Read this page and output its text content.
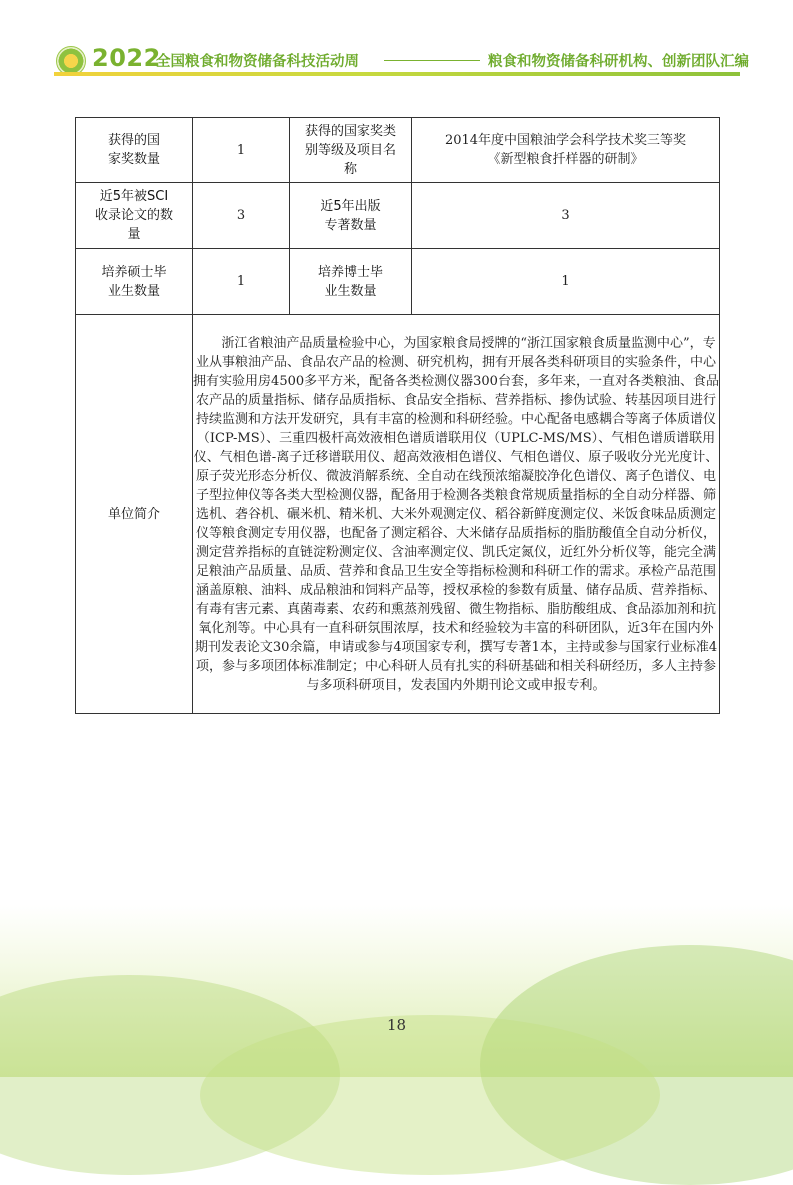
2022
全国粮食和物资储备科技活动周	粮食和物资储备科研机构、创新团队汇编
获得的国家奖数量	1	获得的国家奖类别等级及项目名称	2014年度中国粮油学会科学技术奖三等奖
《新型粮食扦样器的研制》

近5年被SCI收录论文的数量	3	近5年出版专著数量	3

培养硕士毕业生数量	1	培养博士毕业生数量	1
单位简介	浙江省粮油产品质量检验中心，为国家粮食局授牌的“浙江国家粮食质量监测中心”，专业从事粮油产品、食品农产品的检测、研究机构，拥有开展各类科研项目的实验条件，中心拥有实验用房4500多平方米，配备各类检测仪器300台套，多年来，一直对各类粮油、食品农产品的质量指标、储存品质指标、食品安全指标、营养指标、掺伪试验、转基因项目进行持续监测和方法开发研究，具有丰富的检测和科研经验。中心配备电感耦合等离子体质谱仪（ICP-MS）、三重四极杆高效液相色谱质谱联用仪（UPLC-MS/MS）、气相色谱质谱联用仪、气相色谱-离子迁移谱联用仪、超高效液相色谱仪、气相色谱仪、原子吸收分光光度计、原子荧光形态分析仪、微波消解系统、全自动在线预浓缩凝胶净化色谱仪、离子色谱仪、电子型拉伸仪等各类大型检测仪器，配备用于检测各类粮食常规质量指标的全自动分样器、筛选机、砻谷机、碾米机、精米机、大米外观测定仪、稻谷新鲜度测定仪、米饭食味品质测定仪等粮食测定专用仪器，也配备了测定稻谷、大米储存品质指标的脂肪酸值全自动分析仪，测定营养指标的直链淀粉测定仪、含油率测定仪、凯氏定氮仪，近红外分析仪等，能完全满足粮油产品质量、品质、营养和食品卫生安全等指标检测和科研工作的需求。承检产品范围涵盖原粮、油料、成品粮油和饲料产品等，授权承检的参数有质量、储存品质、营养指标、有毒有害元素、真菌毒素、农药和熏蒸剂残留、微生物指标、脂肪酸组成、食品添加剂和抗氧化剂等。中心具有一直科研氛围浓厚，技术和经验较为丰富的科研团队，近3年在国内外期刊发表论文30余篇，申请或参与4项国家专利，撰写专著1本，主持或参与国家行业标准4项，参与多项团体标准制定；中心科研人员有扎实的科研基础和相关科研经历，多人主持参与多项科研项目，发表国内外期刊论文或申报专利。		
18
